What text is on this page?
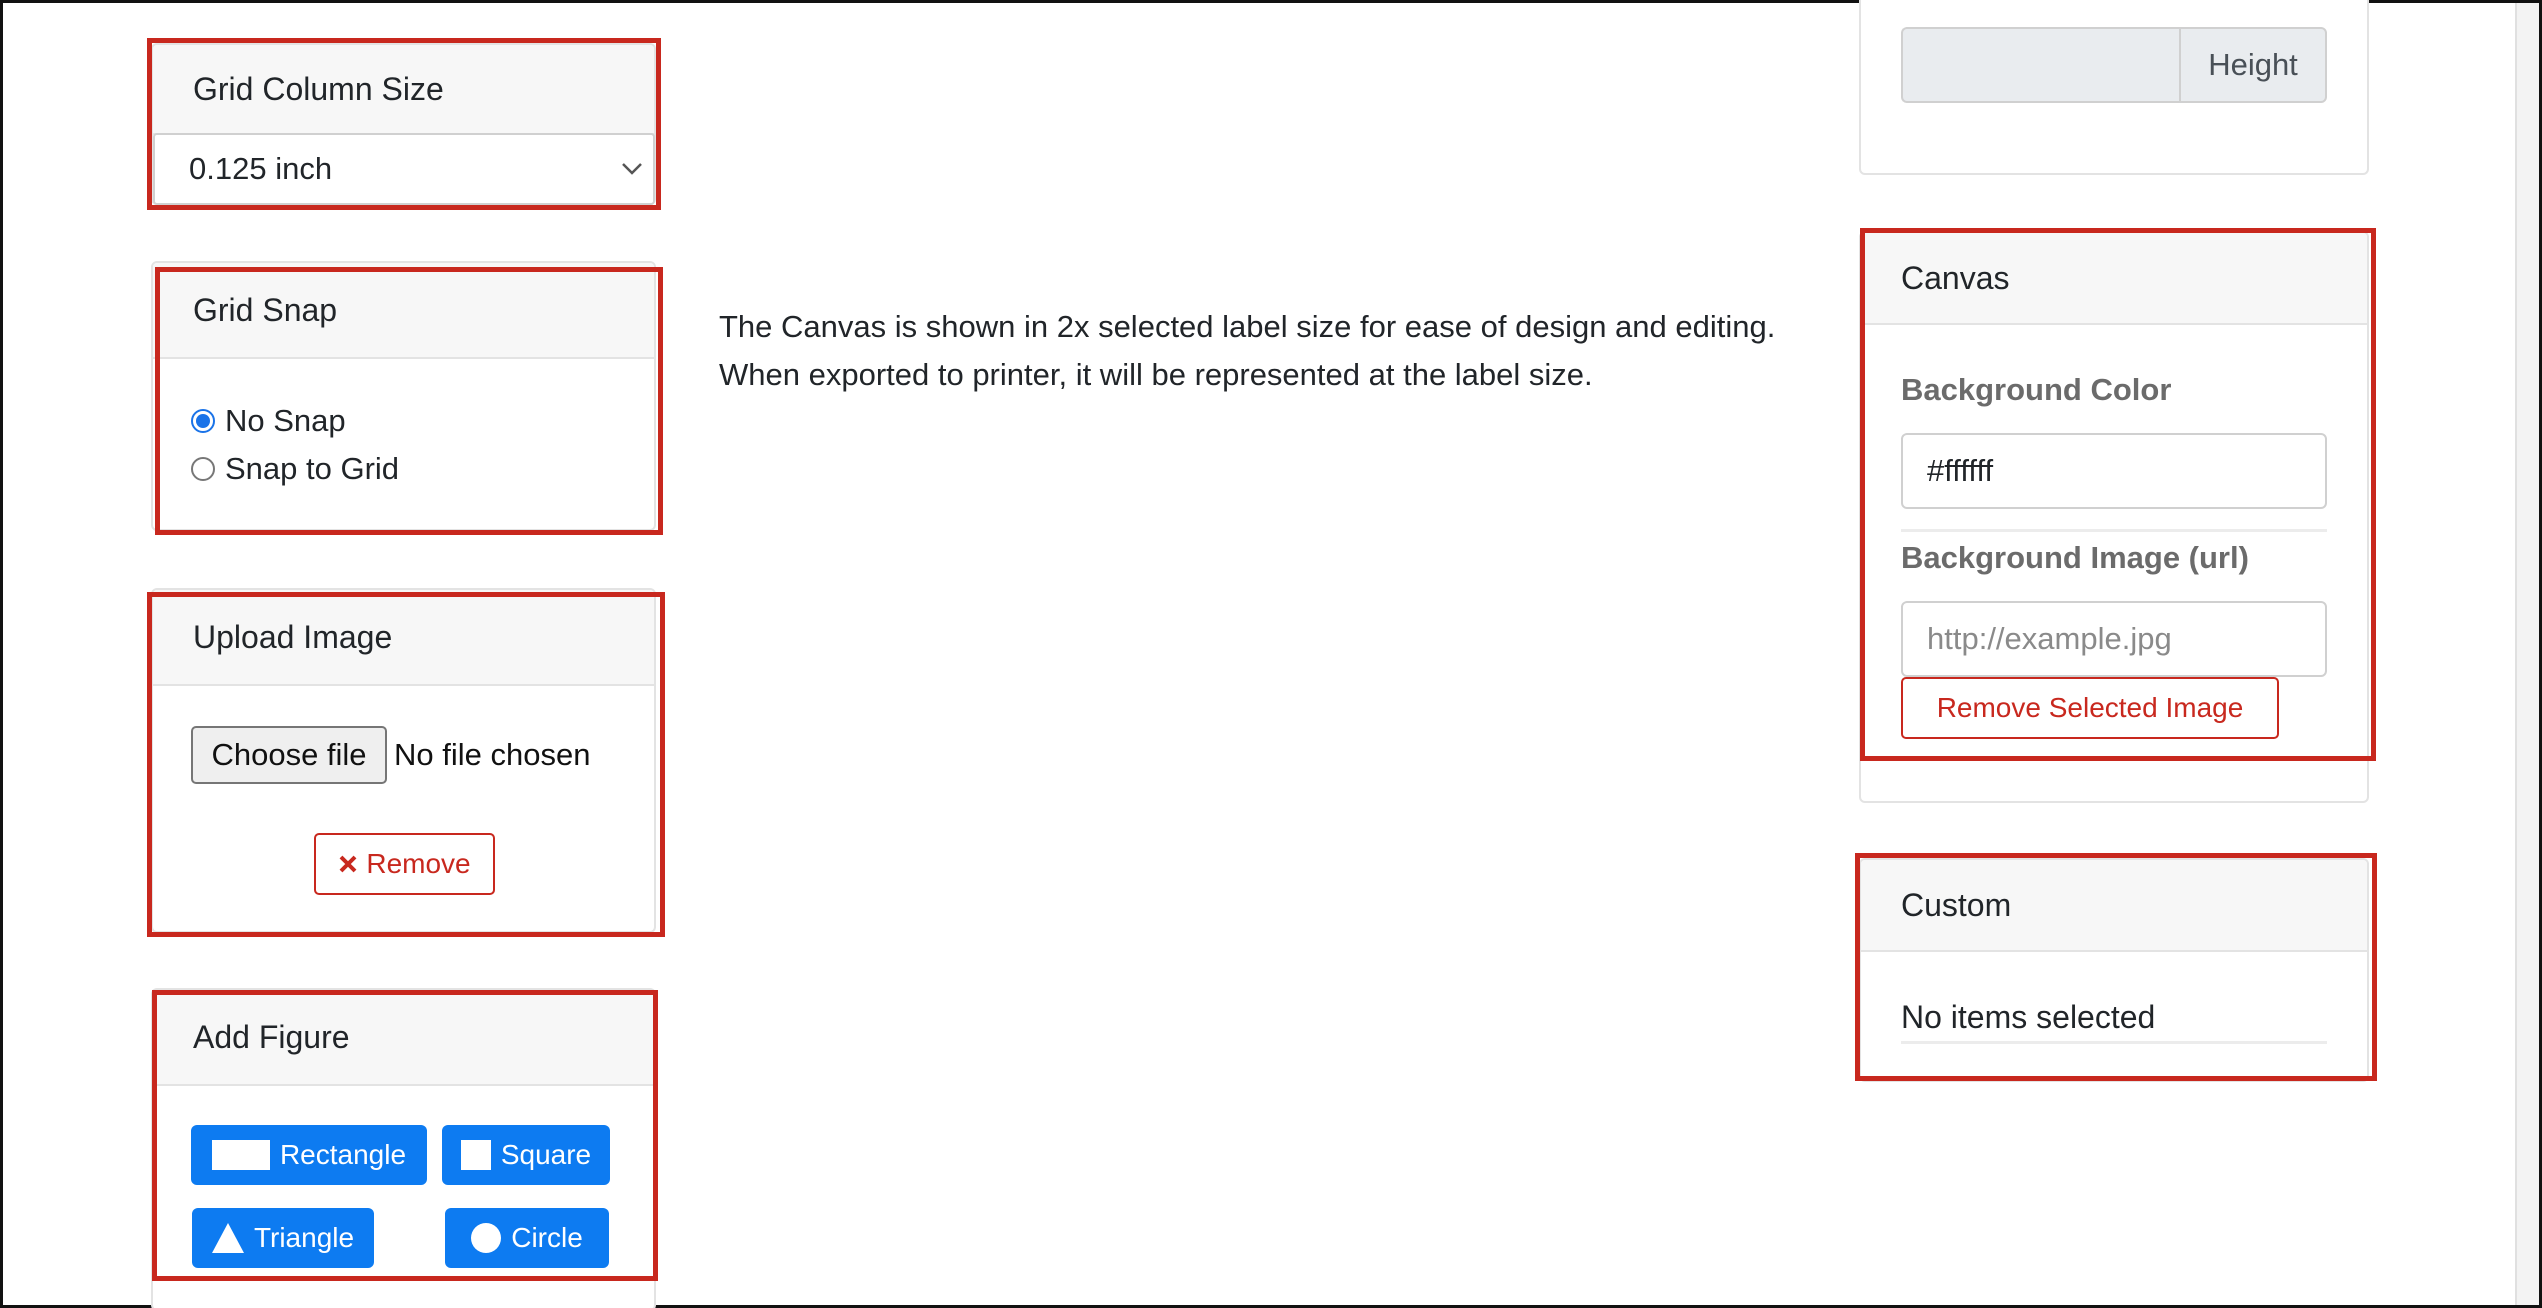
Grid Column Size
0.125 inch
Grid Snap
No Snap
Snap to Grid
Upload Image
Choose file No file chosen
Remove
Add Figure
Rectangle	Square
Triangle	Circle
The Canvas is shown in 2x selected label size for ease of design and editing. When exported to printer, it will be represented at the label size.
Height
Canvas
Background Color
#ffffff
Background Image (url)
http://example.jpg
Remove Selected Image
Custom
No items selected
